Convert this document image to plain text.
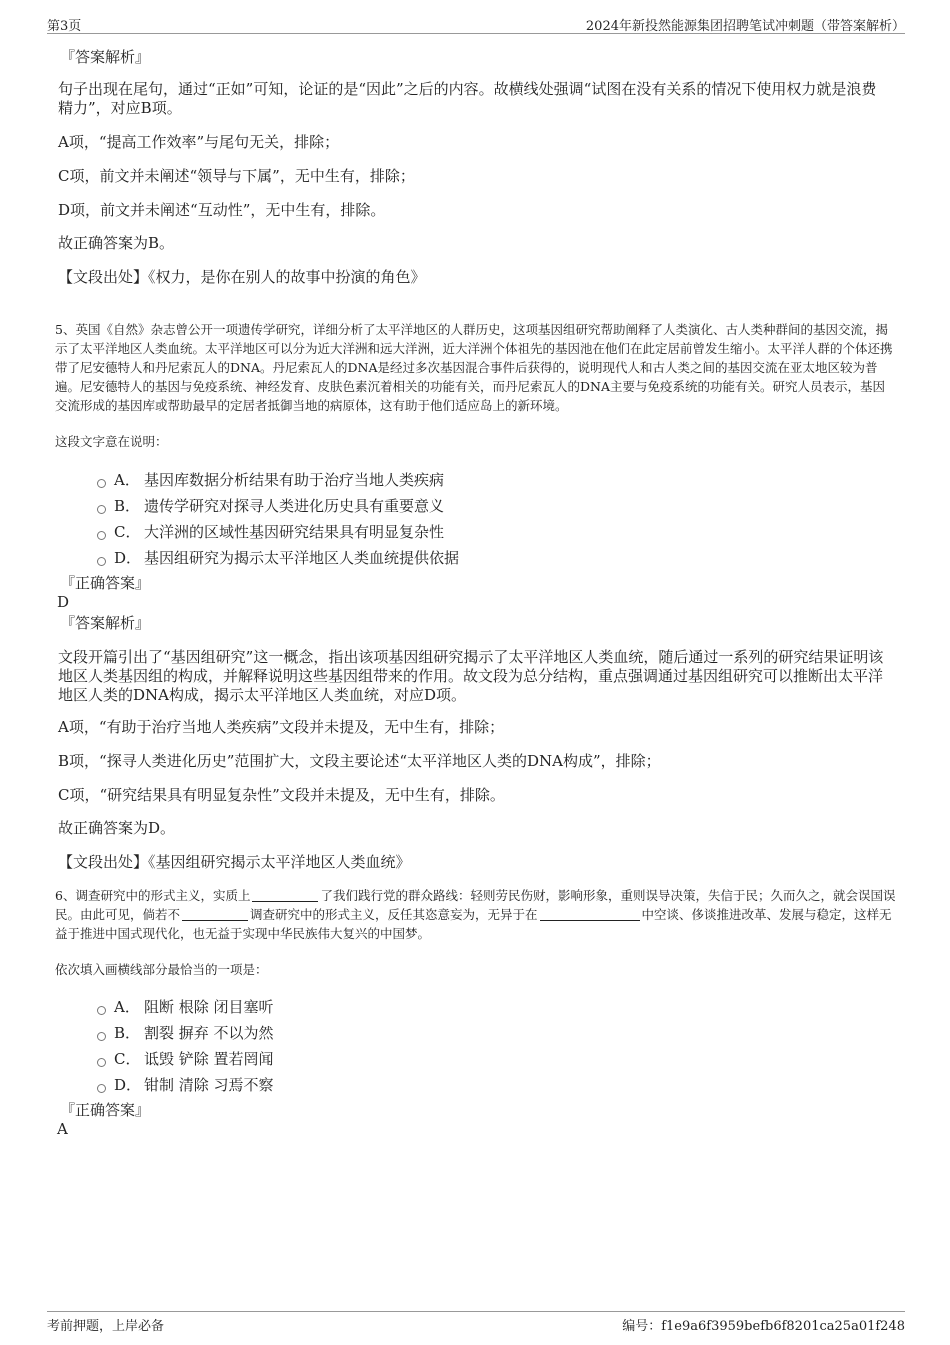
第3页	2024年新投然能源集团招聘笔试冲刺题（带答案解析）
『答案解析』
句子出现在尾句，通过“正如”可知，论证的是“因此”之后的内容。故横线处强调“试图在没有关系的情况下使用权力就是浪费精力”，对应B项。
A项，“提高工作效率”与尾句无关，排除；
C项，前文并未阐述“领导与下属”，无中生有，排除；
D项，前文并未阐述“互动性”，无中生有，排除。
故正确答案为B。
【文段出处】《权力，是你在别人的故事中扮演的角色》
5、英国《自然》杂志曾公开一项遗传学研究，详细分析了太平洋地区的人群历史，这项基因组研究帮助阐释了人类演化、古人类种群间的基因交流，揭示了太平洋地区人类血统。太平洋地区可以分为近大洋洲和远大洋洲，近大洋洲个体祖先的基因池在他们在此定居前曾发生缩小。太平洋人群的个体还携带了尼安德特人和丹尼索瓦人的DNA。丹尼索瓦人的DNA是经过多次基因混合事件后获得的，说明现代人和古人类之间的基因交流在亚太地区较为普遍。尼安德特人的基因与免疫系统、神经发育、皮肤色素沉着相关的功能有关，而丹尼索瓦人的DNA主要与免疫系统的功能有关。研究人员表示，基因交流形成的基因库或帮助最早的定居者抵御当地的病原体，这有助于他们适应岛上的新环境。
这段文字意在说明：
A． 基因库数据分析结果有助于治疗当地人类疾病
B． 遗传学研究对探寻人类进化历史具有重要意义
C． 大洋洲的区域性基因研究结果具有明显复杂性
D． 基因组研究为揭示太平洋地区人类血统提供依据
『正确答案』
D
『答案解析』
文段开篇引出了“基因组研究”这一概念，指出该项基因组研究揭示了太平洋地区人类血统，随后通过一系列的研究结果证明该地区人类基因组的构成，并解释说明这些基因组带来的作用。故文段为总分结构，重点强调通过基因组研究可以推断出太平洋地区人类的DNA构成，揭示太平洋地区人类血统，对应D项。
A项，“有助于治疗当地人类疾病”文段并未提及，无中生有，排除；
B项，“探寻人类进化历史”范围扩大，文段主要论述“太平洋地区人类的DNA构成”，排除；
C项，“研究结果具有明显复杂性”文段并未提及，无中生有，排除。
故正确答案为D。
【文段出处】《基因组研究揭示太平洋地区人类血统》
6、调查研究中的形式主义，实质上	了我们践行党的群众路线：轻则劳民伤财，影响形象，重则误导决策，失信于民；久而久之，就会误国误民。由此可见，倘若不	调查研究中的形式主义，反任其恣意妄为，无异于在	中空谈、侈谈推进改革、发展与稳定，这样无益于推进中国式现代化，也无益于实现中华民族伟大复兴的中国梦。
依次填入画横线部分最恰当的一项是：
A． 阻断 根除 闭目塞听
B． 割裂 摒弃 不以为然
C． 诋毁 铲除 置若罔闻
D． 钳制 清除 习焉不察
『正确答案』
A
考前押题，上岸必备	编号：f1e9a6f3959befb6f8201ca25a01f248
